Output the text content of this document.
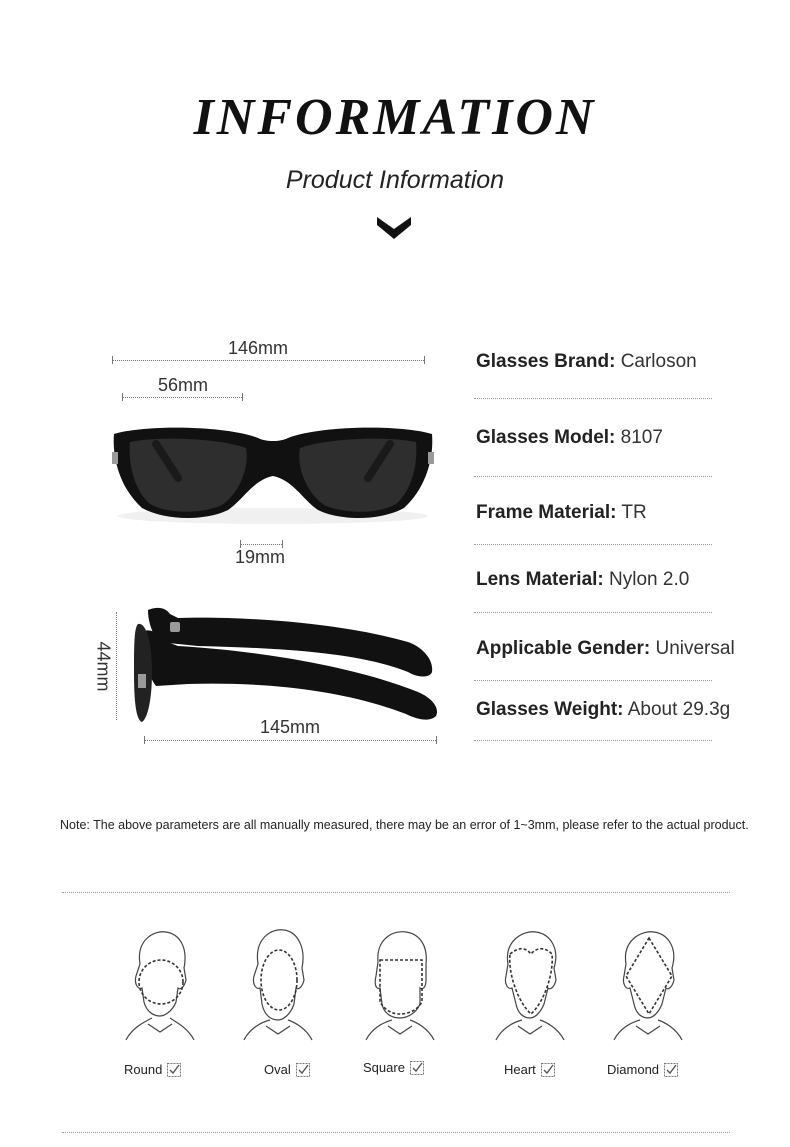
INFORMATION
Product Information
146mm
56mm
19mm
44mm
145mm
Glasses Brand: Carloson
Glasses Model: 8107
Frame Material: TR
Lens Material: Nylon 2.0
Applicable Gender: Universal
Glasses Weight: About 29.3g
Note: The above parameters are all manually measured, there may be an error of 1~3mm, please refer to the actual product.
Round	Oval	Square	Heart	Diamond
